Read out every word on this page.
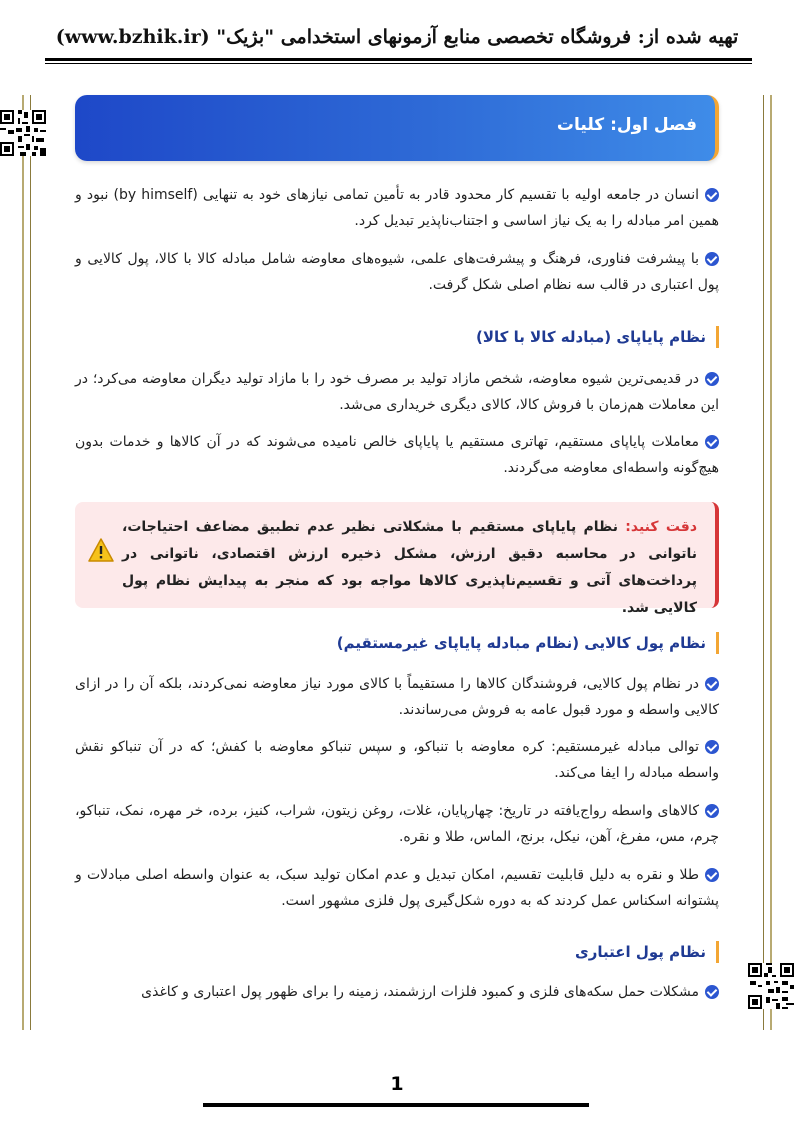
تهیه شده از: فروشگاه تخصصی منابع آزمونهای استخدامی "بژیک" (www.bzhik.ir)
فصل اول: کلیات
انسان در جامعه اولیه با تقسیم کار محدود قادر به تأمین تمامی نیازهای خود به تنهایی (by himself) نبود و همین امر مبادله را به یک نیاز اساسی و اجتناب‌ناپذیر تبدیل کرد.
با پیشرفت فناوری، فرهنگ و پیشرفت‌های علمی، شیوه‌های معاوضه شامل مبادله کالا با کالا، پول کالایی و پول اعتباری در قالب سه نظام اصلی شکل گرفت.
نظام پایاپای (مبادله کالا با کالا)
در قدیمی‌ترین شیوه معاوضه، شخص مازاد تولید بر مصرف خود را با مازاد تولید دیگران معاوضه می‌کرد؛ در این معاملات هم‌زمان با فروش کالا، کالای دیگری خریداری می‌شد.
معاملات پایاپای مستقیم، تهاتری مستقیم یا پایاپای خالص نامیده می‌شوند که در آن کالاها و خدمات بدون هیچ‌گونه واسطه‌ای معاوضه می‌گردند.
دقت کنید: نظام پایاپای مستقیم با مشکلاتی نظیر عدم تطبیق مضاعف احتیاجات، ناتوانی در محاسبه دقیق ارزش، مشکل ذخیره ارزش اقتصادی، ناتوانی در پرداخت‌های آتی و تقسیم‌ناپذیری کالاها مواجه بود که منجر به پیدایش نظام پول کالایی شد.
نظام پول کالایی (نظام مبادله پایاپای غیرمستقیم)
در نظام پول کالایی، فروشندگان کالاها را مستقیماً با کالای مورد نیاز معاوضه نمی‌کردند، بلکه آن را در ازای کالایی واسطه و مورد قبول عامه به فروش می‌رساندند.
توالی مبادله غیرمستقیم: کره معاوضه با تنباکو، و سپس تنباکو معاوضه با کفش؛ که در آن تنباکو نقش واسطه مبادله را ایفا می‌کند.
کالاهای واسطه رواج‌یافته در تاریخ: چهارپایان، غلات، روغن زیتون، شراب، کنیز، برده، خر مهره، نمک، تنباکو، چرم، مس، مفرغ، آهن، نیکل، برنج، الماس، طلا و نقره.
طلا و نقره به دلیل قابلیت تقسیم، امکان تبدیل و عدم امکان تولید سبک، به عنوان واسطه اصلی مبادلات و پشتوانه اسکناس عمل کردند که به دوره شکل‌گیری پول فلزی مشهور است.
نظام پول اعتباری
مشکلات حمل سکه‌های فلزی و کمبود فلزات ارزشمند، زمینه را برای ظهور پول اعتباری و کاغذی
1
